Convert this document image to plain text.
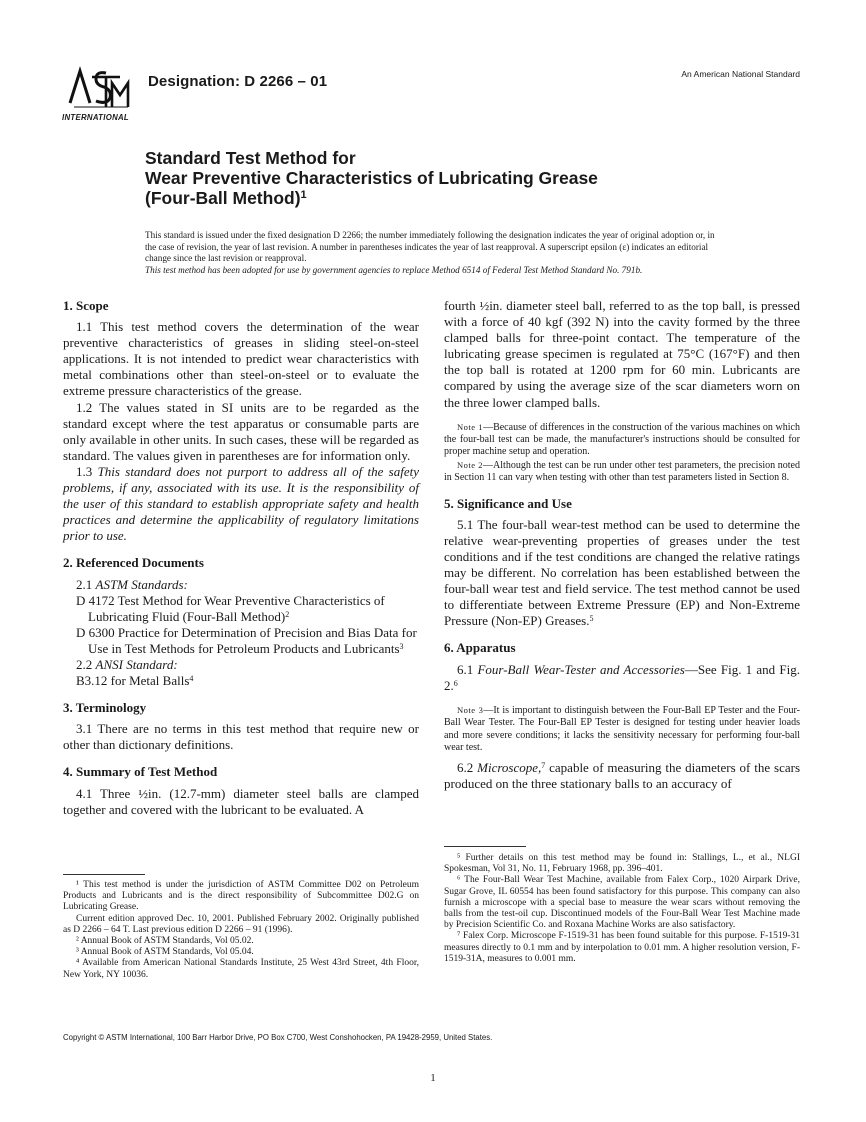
INTERNATIONAL
Designation: D 2266 – 01	An American National Standard
Standard Test Method for
Wear Preventive Characteristics of Lubricating Grease
(Four-Ball Method)$^1$
This standard is issued under the fixed designation D 2266; the number immediately following the designation indicates the year of original adoption or, in the case of revision, the year of last revision. A number in parentheses indicates the year of last reapproval. A superscript epsilon (ε) indicates an editorial change since the last revision or reapproval.
This test method has been adopted for use by government agencies to replace Method 6514 of Federal Test Method Standard No. 791b.
1. Scope

1.1 This test method covers the determination of the wear preventive characteristics of greases in sliding steel-on-steel applications. It is not intended to predict wear characteristics with metal combinations other than steel-on-steel or to evaluate the extreme pressure characteristics of the grease.

1.2 The values stated in SI units are to be regarded as the standard except where the test apparatus or consumable parts are only available in other units. In such cases, these will be regarded as standard. The values given in parentheses are for information only.

1.3 This standard does not purport to address all of the safety problems, if any, associated with its use. It is the responsibility of the user of this standard to establish appropriate safety and health practices and determine the applicability of regulatory limitations prior to use.

2. Referenced Documents

2.1 ASTM Standards:

D 4172 Test Method for Wear Preventive Characteristics of Lubricating Fluid (Four-Ball Method)$^2$

D 6300 Practice for Determination of Precision and Bias Data for Use in Test Methods for Petroleum Products and Lubricants$^3$

2.2 ANSI Standard:

B3.12 for Metal Balls$^4$

3. Terminology

3.1 There are no terms in this test method that require new or other than dictionary definitions.

4. Summary of Test Method

4.1 Three ½in. (12.7-mm) diameter steel balls are clamped together and covered with the lubricant to be evaluated. A

fourth ½in. diameter steel ball, referred to as the top ball, is pressed with a force of 40 kgf (392 N) into the cavity formed by the three clamped balls for three-point contact. The temperature of the lubricating grease specimen is regulated at 75°C (167°F) and then the top ball is rotated at 1200 rpm for 60 min. Lubricants are compared by using the average size of the scar diameters worn on the three lower clamped balls.

Note 1—Because of differences in the construction of the various machines on which the four-ball test can be made, the manufacturer's instructions should be consulted for proper machine setup and operation.

Note 2—Although the test can be run under other test parameters, the precision noted in Section 11 can vary when testing with other than test parameters listed in Section 8.

5. Significance and Use

5.1 The four-ball wear-test method can be used to determine the relative wear-preventing properties of greases under the test conditions and if the test conditions are changed the relative ratings may be different. No correlation has been established between the four-ball wear test and field service. The test method cannot be used to differentiate between Extreme Pressure (EP) and Non-Extreme Pressure (Non-EP) Greases.$^5$

6. Apparatus

6.1 Four-Ball Wear-Tester and Accessories—See Fig. 1 and Fig. 2.$^6$

Note 3—It is important to distinguish between the Four-Ball EP Tester and the Four-Ball Wear Tester. The Four-Ball EP Tester is designed for testing under heavier loads and more severe conditions; it lacks the sensitivity necessary for performing four-ball wear test.

6.2 Microscope,$^7$ capable of measuring the diameters of the scars produced on the three stationary balls to an accuracy of

¹ This test method is under the jurisdiction of ASTM Committee D02 on Petroleum Products and Lubricants and is the direct responsibility of Subcommittee D02.G on Lubricating Grease.

Current edition approved Dec. 10, 2001. Published February 2002. Originally published as D 2266 – 64 T. Last previous edition D 2266 – 91 (1996).

² Annual Book of ASTM Standards, Vol 05.02.

³ Annual Book of ASTM Standards, Vol 05.04.

⁴ Available from American National Standards Institute, 25 West 43rd Street, 4th Floor, New York, NY 10036.

⁵ Further details on this test method may be found in: Stallings, L., et al., NLGI Spokesman, Vol 31, No. 11, February 1968, pp. 396–401.

⁶ The Four-Ball Wear Test Machine, available from Falex Corp., 1020 Airpark Drive, Sugar Grove, IL 60554 has been found satisfactory for this purpose. This company can also furnish a microscope with a special base to measure the wear scars without removing the balls from the test-oil cup. Discontinued models of the Four-Ball Wear Test Machine made by Precision Scientific Co. and Roxana Machine Works are also satisfactory.

⁷ Falex Corp. Microscope F-1519-31 has been found suitable for this purpose. F-1519-31 measures directly to 0.1 mm and by interpolation to 0.01 mm. A higher resolution version, F-1519-31A, measures to 0.001 mm.

Copyright © ASTM International, 100 Barr Harbor Drive, PO Box C700, West Conshohocken, PA 19428-2959, United States.
1
